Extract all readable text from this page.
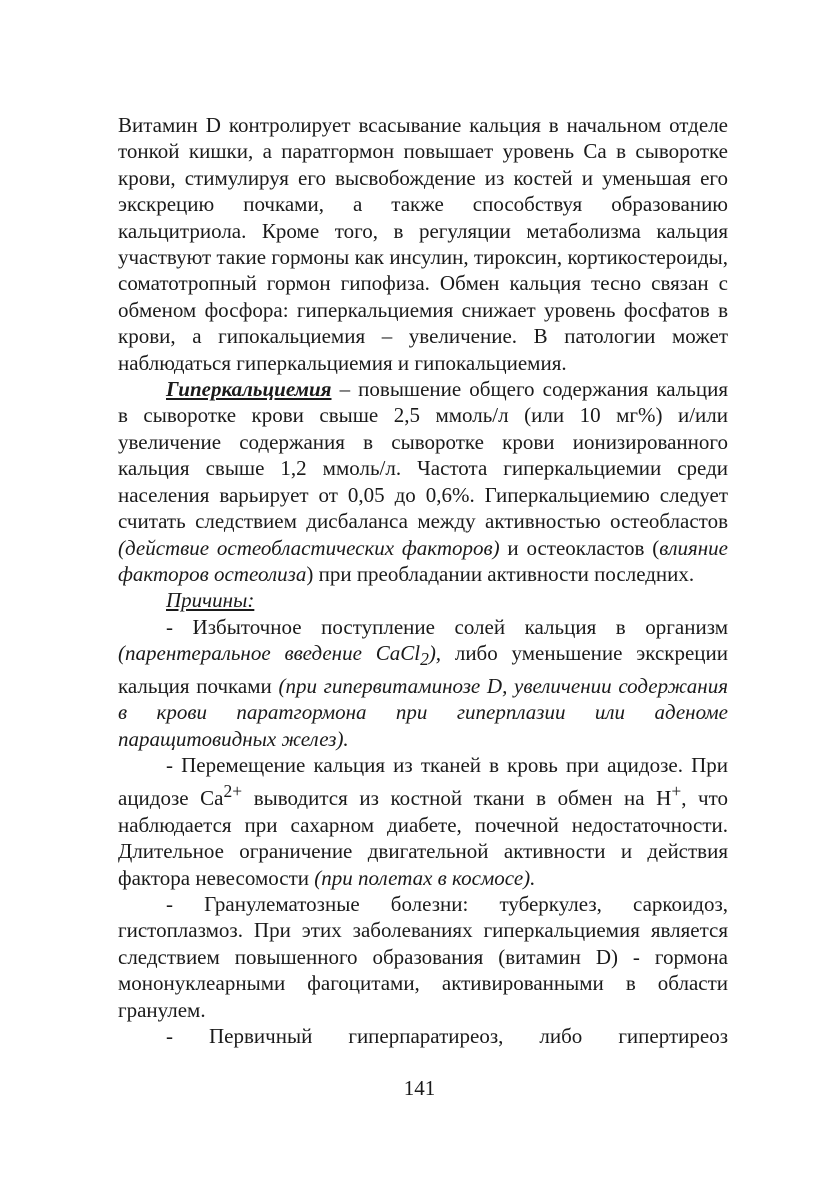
Витамин D контролирует всасывание кальция в начальном отделе тонкой кишки, а паратгормон повышает уровень Са в сыворотке крови, стимулируя его высвобождение из костей и уменьшая его экскрецию почками, а также способствуя образованию кальцитриола. Кроме того, в регуляции метаболизма кальция участвуют такие гормоны как инсулин, тироксин, кортикостероиды, соматотропный гормон гипофиза. Обмен кальция тесно связан с обменом фосфора: гиперкальциемия снижает уровень фосфатов в крови, а гипокальциемия – увеличение. В патологии может наблюдаться гиперкальциемия и гипокальциемия.

Гиперкальциемия – повышение общего содержания кальция в сыворотке крови свыше 2,5 ммоль/л (или 10 мг%) и/или увеличение содержания в сыворотке крови ионизированного кальция свыше 1,2 ммоль/л. Частота гиперкальциемии среди населения варьирует от 0,05 до 0,6%. Гиперкальциемию следует считать следствием дисбаланса между активностью остеобластов (действие остеобластических факторов) и остеокластов (влияние факторов остеолиза) при преобладании активности последних.

Причины:

- Избыточное поступление солей кальция в организм (парентеральное введение CaCl$_2$), либо уменьшение экскреции кальция почками (при гипервитаминозе D, увеличении содержания в крови паратгормона при гиперплазии или аденоме паращитовидных желез).

- Перемещение кальция из тканей в кровь при ацидозе. При ацидозе $Са^{2+}$ выводится из костной ткани в обмен на Н+, что наблюдается при сахарном диабете, почечной недостаточности. Длительное ограничение двигательной активности и действия фактора невесомости (при полетах в космосе).

- Гранулематозные болезни: туберкулез, саркоидоз, гистоплазмоз. При этих заболеваниях гиперкальциемия является следствием повышенного образования (витамин D) - гормона мононуклеарными фагоцитами, активированными в области гранулем.

- Первичный гиперпаратиреоз, либо гипертиреоз

141
